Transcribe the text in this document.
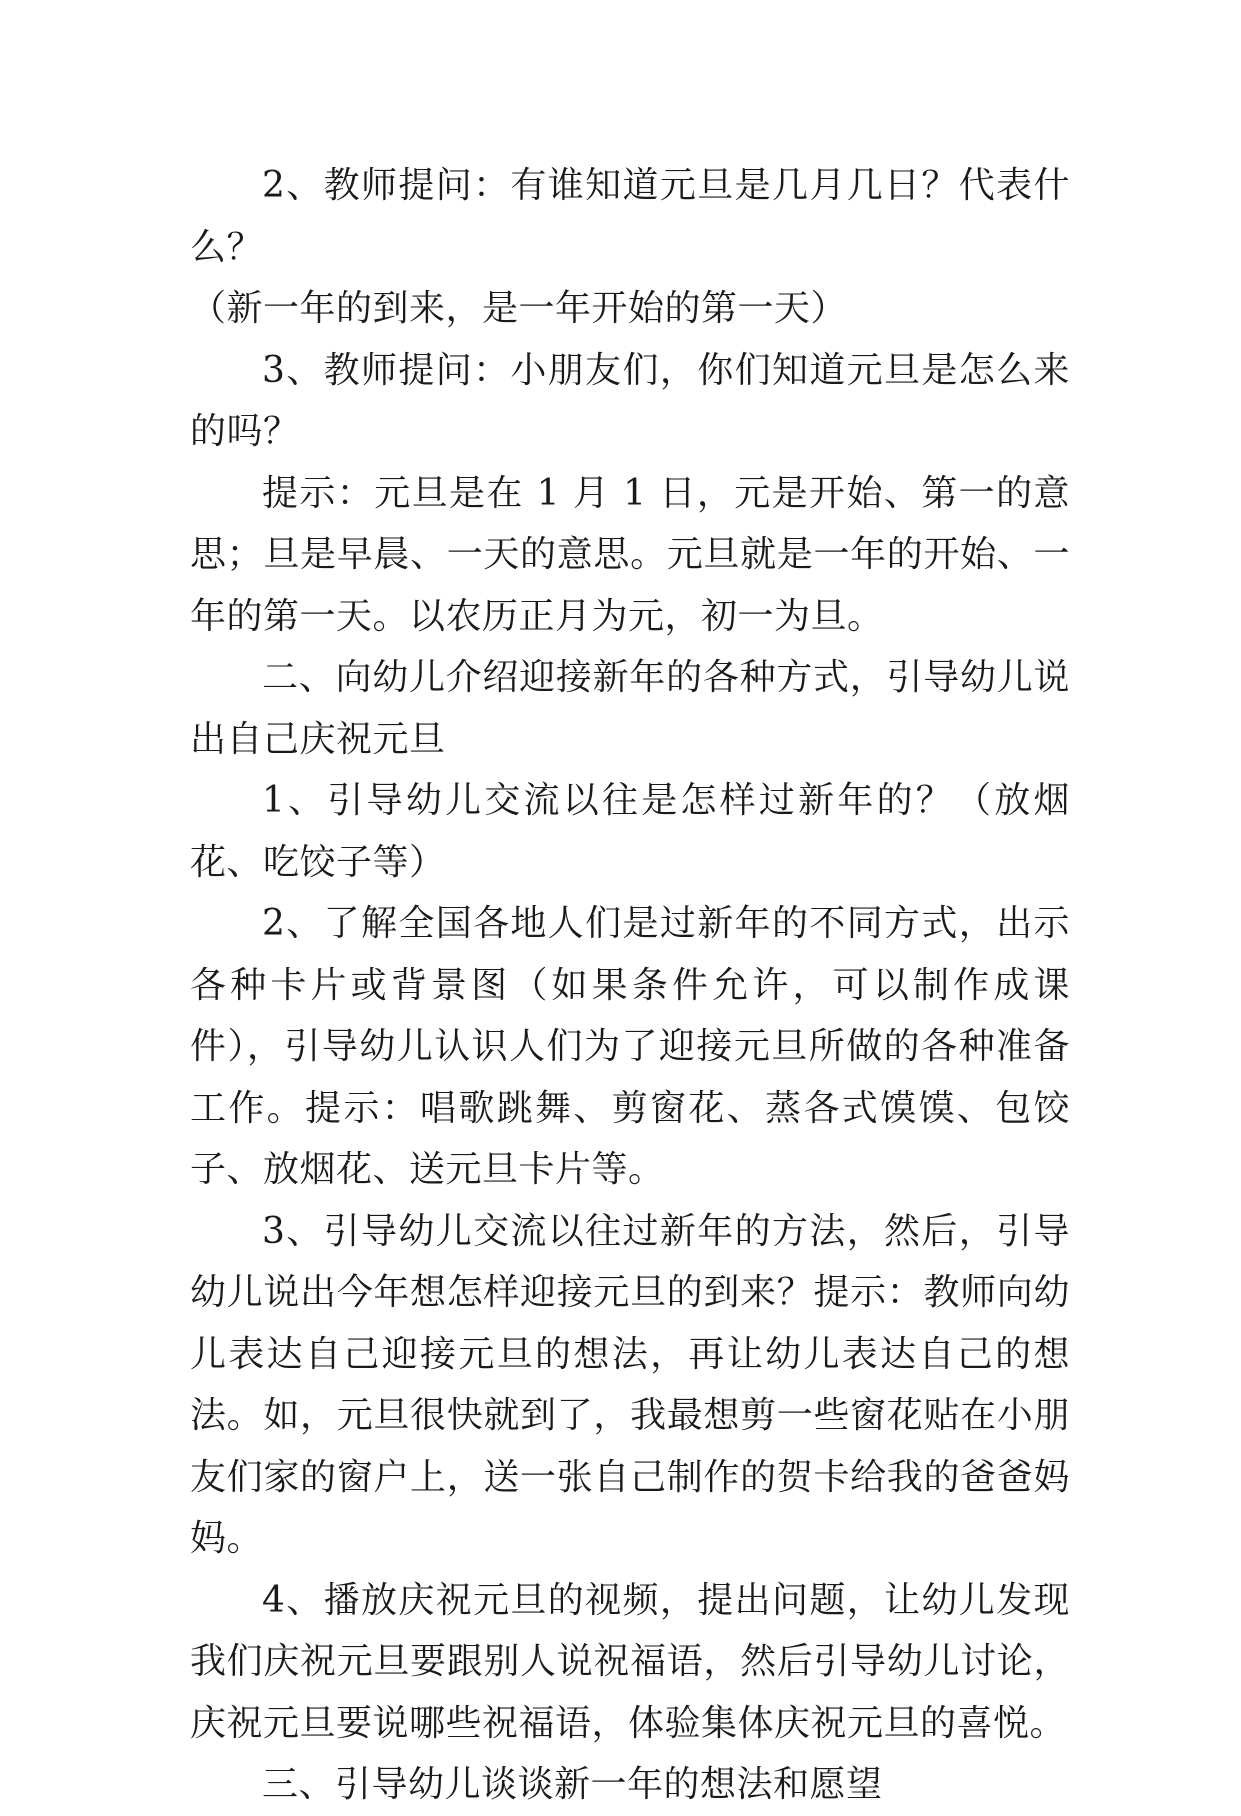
2、教师提问：有谁知道元旦是几月几日？代表什么？

（新一年的到来，是一年开始的第一天）

3、教师提问：小朋友们，你们知道元旦是怎么来的吗？

提示：元旦是在 1 月 1 日，元是开始、第一的意思；旦是早晨、一天的意思。元旦就是一年的开始、一年的第一天。以农历正月为元，初一为旦。

二、向幼儿介绍迎接新年的各种方式，引导幼儿说出自己庆祝元旦

1、引导幼儿交流以往是怎样过新年的？（放烟花、吃饺子等）

2、了解全国各地人们是过新年的不同方式，出示各种卡片或背景图（如果条件允许，可以制作成课件），引导幼儿认识人们为了迎接元旦所做的各种准备工作。提示：唱歌跳舞、剪窗花、蒸各式馍馍、包饺子、放烟花、送元旦卡片等。

3、引导幼儿交流以往过新年的方法，然后，引导幼儿说出今年想怎样迎接元旦的到来？提示：教师向幼儿表达自己迎接元旦的想法，再让幼儿表达自己的想法。如，元旦很快就到了，我最想剪一些窗花贴在小朋友们家的窗户上，送一张自己制作的贺卡给我的爸爸妈妈。

4、播放庆祝元旦的视频，提出问题，让幼儿发现我们庆祝元旦要跟别人说祝福语，然后引导幼儿讨论，庆祝元旦要说哪些祝福语，体验集体庆祝元旦的喜悦。

三、引导幼儿谈谈新一年的想法和愿望
